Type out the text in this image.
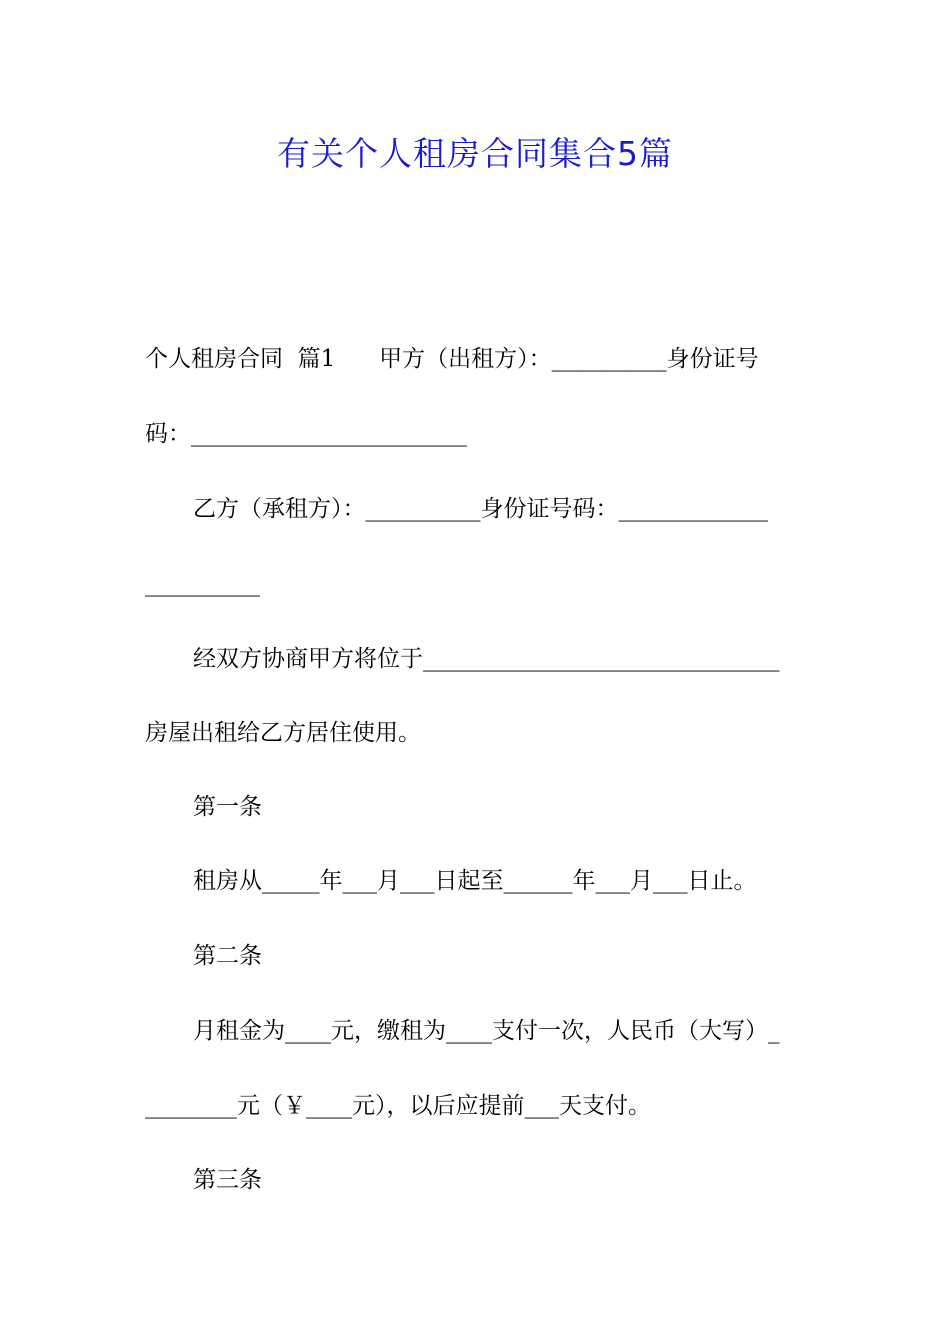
有关个人租房合同集合5篇
个人租房合同  篇1      甲方（出租方）：__________身份证号
码：________________________
乙方（承租方）：__________身份证号码：_____________
__________
经双方协商甲方将位于_______________________________
房屋出租给乙方居住使用。
第一条
租房从_____年___月___日起至______年___月___日止。
第二条
月租金为____元，缴租为____支付一次，人民币（大写）_
________元（￥____元），以后应提前___天支付。
第三条
